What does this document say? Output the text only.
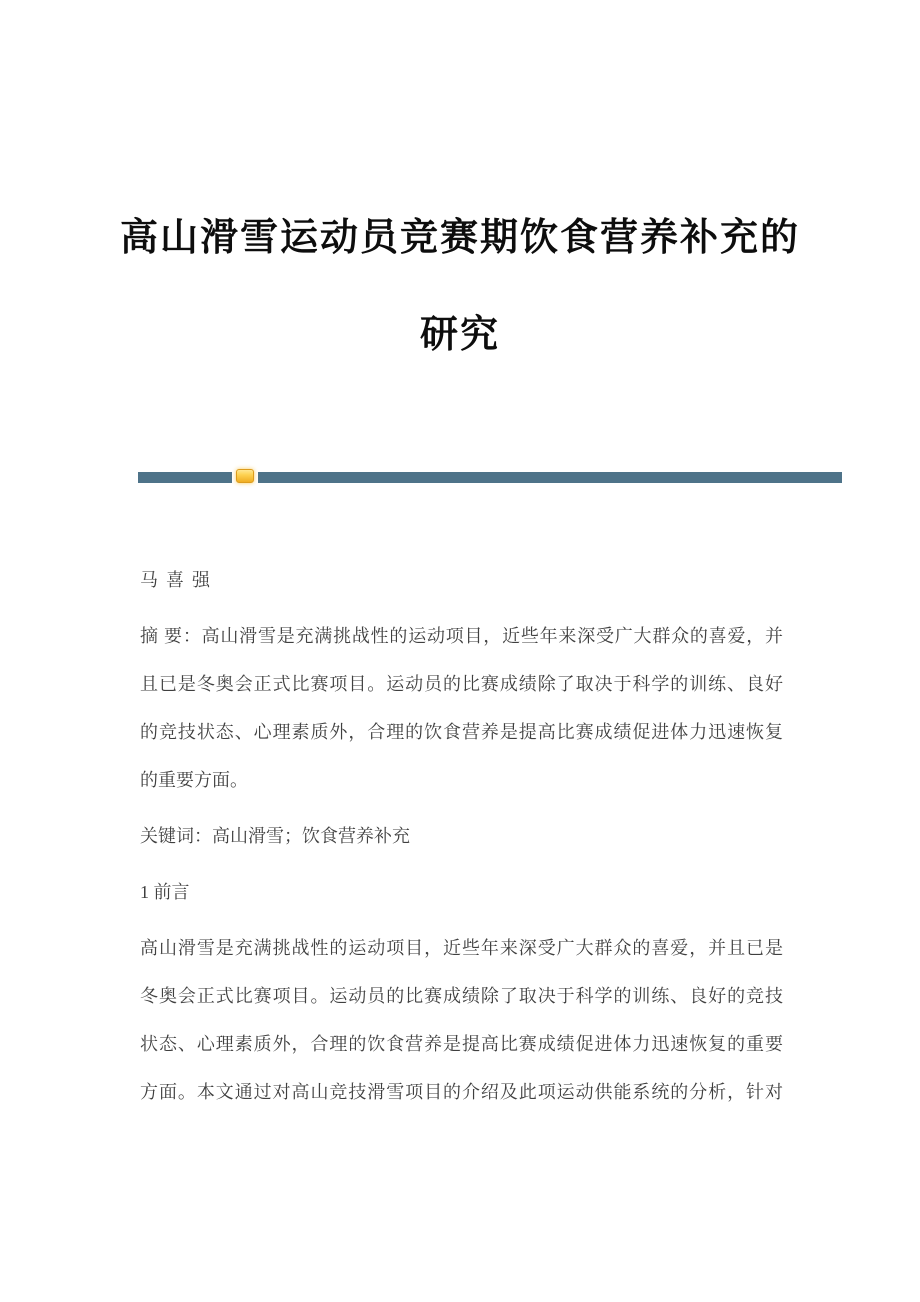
高山滑雪运动员竞赛期饮食营养补充的
研究

马喜强

摘 要：高山滑雪是充满挑战性的运动项目，近些年来深受广大群众的喜爱，并
且已是冬奥会正式比赛项目。运动员的比赛成绩除了取决于科学的训练、良好
的竞技状态、心理素质外，合理的饮食营养是提高比赛成绩促进体力迅速恢复
的重要方面。

关键词：高山滑雪；饮食营养补充

1 前言

高山滑雪是充满挑战性的运动项目，近些年来深受广大群众的喜爱，并且已是
冬奥会正式比赛项目。运动员的比赛成绩除了取决于科学的训练、良好的竞技
状态、心理素质外，合理的饮食营养是提高比赛成绩促进体力迅速恢复的重要
方面。本文通过对高山竞技滑雪项目的介绍及此项运动供能系统的分析，针对
